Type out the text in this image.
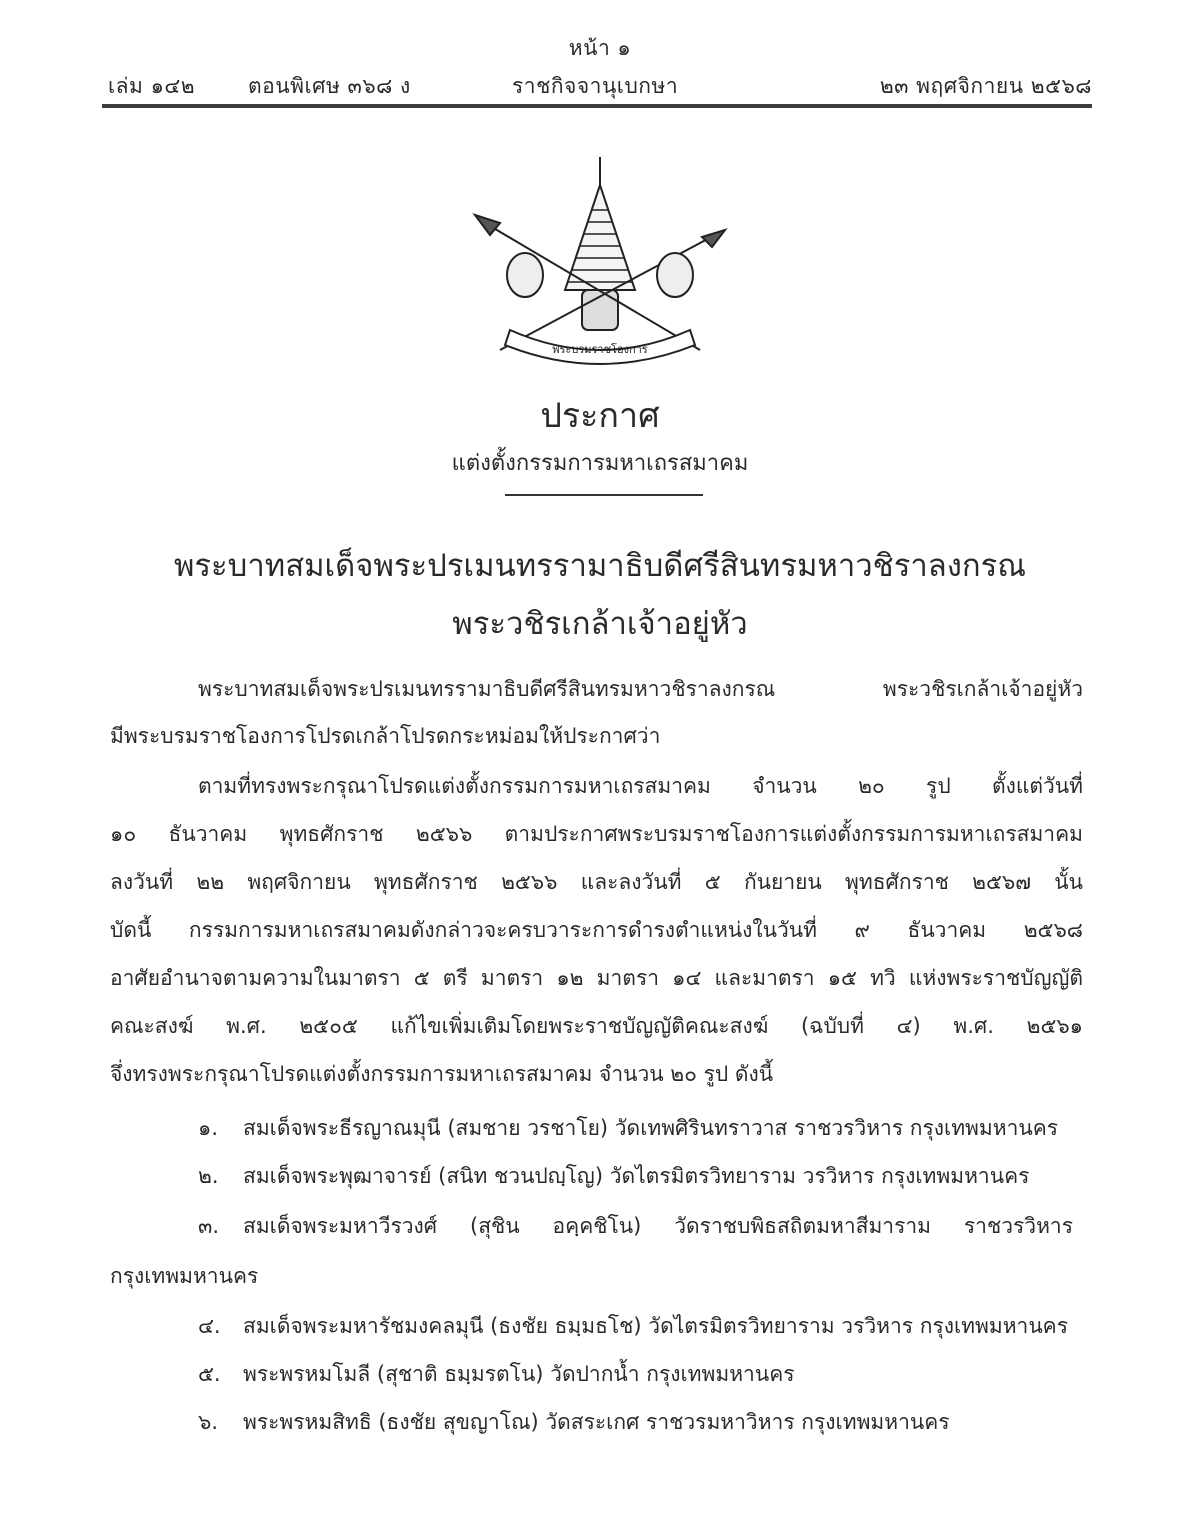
หน้า ๑
เล่ม ๑๔๒	ตอนพิเศษ ๓๖๘ ง	ราชกิจจานุเบกษา	๒๓ พฤศจิกายน ๒๕๖๘
พระบรมราชโองการ
ประกาศ
แต่งตั้งกรรมการมหาเถรสมาคม
พระบาทสมเด็จพระปรเมนทรรามาธิบดีศรีสินทรมหาวชิราลงกรณ
พระวชิรเกล้าเจ้าอยู่หัว
พระบาทสมเด็จพระปรเมนทรรามาธิบดีศรีสินทรมหาวชิราลงกรณ พระวชิรเกล้าเจ้าอยู่หัว
มีพระบรมราชโองการโปรดเกล้าโปรดกระหม่อมให้ประกาศว่า
ตามที่ทรงพระกรุณาโปรดแต่งตั้งกรรมการมหาเถรสมาคม จำนวน ๒๐ รูป ตั้งแต่วันที่
๑๐ ธันวาคม พุทธศักราช ๒๕๖๖ ตามประกาศพระบรมราชโองการแต่งตั้งกรรมการมหาเถรสมาคม
ลงวันที่ ๒๒ พฤศจิกายน พุทธศักราช ๒๕๖๖ และลงวันที่ ๕ กันยายน พุทธศักราช ๒๕๖๗ นั้น
บัดนี้ กรรมการมหาเถรสมาคมดังกล่าวจะครบวาระการดำรงตำแหน่งในวันที่ ๙ ธันวาคม ๒๕๖๘
อาศัยอำนาจตามความในมาตรา ๕ ตรี มาตรา ๑๒ มาตรา ๑๔ และมาตรา ๑๕ ทวิ แห่งพระราชบัญญัติ
คณะสงฆ์ พ.ศ. ๒๕๐๕ แก้ไขเพิ่มเติมโดยพระราชบัญญัติคณะสงฆ์ (ฉบับที่ ๔) พ.ศ. ๒๕๖๑
จึ่งทรงพระกรุณาโปรดแต่งตั้งกรรมการมหาเถรสมาคม จำนวน ๒๐ รูป ดังนี้
๑. สมเด็จพระธีรญาณมุนี (สมชาย วรชาโย) วัดเทพศิรินทราวาส ราชวรวิหาร กรุงเทพมหานคร
๒. สมเด็จพระพุฒาจารย์ (สนิท ชวนปญฺโญ) วัดไตรมิตรวิทยาราม วรวิหาร กรุงเทพมหานคร
๓. สมเด็จพระมหาวีรวงศ์ (สุชิน อคฺคชิโน) วัดราชบพิธสถิตมหาสีมาราม ราชวรวิหาร
กรุงเทพมหานคร
๔. สมเด็จพระมหารัชมงคลมุนี (ธงชัย ธมฺมธโช) วัดไตรมิตรวิทยาราม วรวิหาร กรุงเทพมหานคร
๕. พระพรหมโมลี (สุชาติ ธมฺมรตโน) วัดปากน้ำ กรุงเทพมหานคร
๖. พระพรหมสิทธิ (ธงชัย สุขญาโณ) วัดสระเกศ ราชวรมหาวิหาร กรุงเทพมหานคร
